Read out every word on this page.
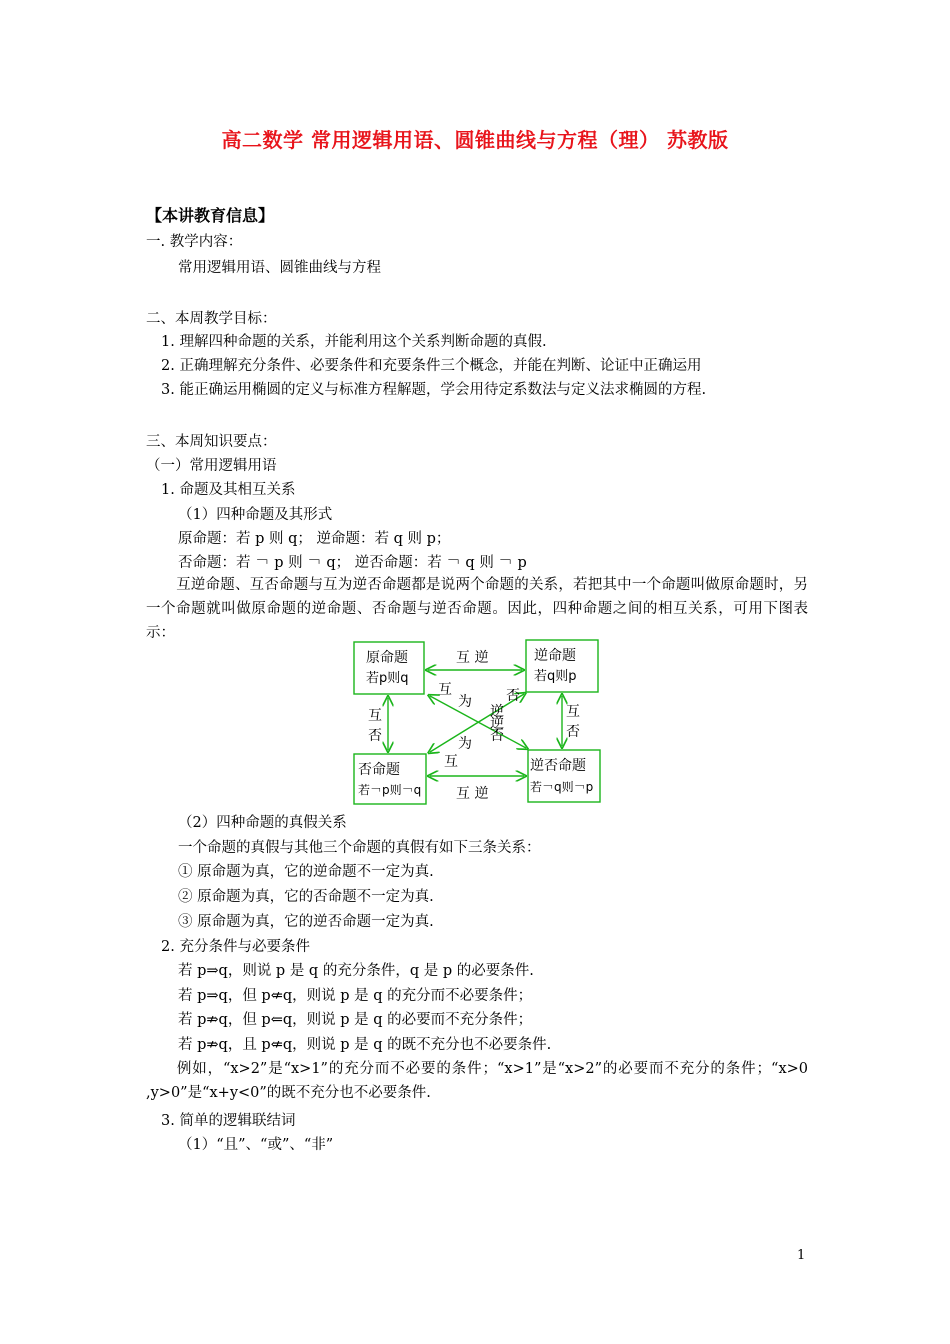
高二数学 常用逻辑用语、圆锥曲线与方程（理） 苏教版
【本讲教育信息】
一. 教学内容：
常用逻辑用语、圆锥曲线与方程
二、本周教学目标：
1. 理解四种命题的关系，并能利用这个关系判断命题的真假.
2. 正确理解充分条件、必要条件和充要条件三个概念，并能在判断、论证中正确运用
3. 能正确运用椭圆的定义与标准方程解题，学会用待定系数法与定义法求椭圆的方程.
三、本周知识要点：
（一）常用逻辑用语
1. 命题及其相互关系
（1）四种命题及其形式
原命题：若 p 则 q； 逆命题：若 q 则 p；
否命题：若 ￢ p 则 ￢ q； 逆否命题：若 ￢ q 则 ￢ p
互逆命题、互否命题与互为逆否命题都是说两个命题的关系，若把其中一个命题叫做原命题时，另一个命题就叫做原命题的逆命题、否命题与逆否命题。因此，四种命题之间的相互关系，可用下图表示：
原命题
若p则q
逆命题
若q则p
否命题
若￢p则￢q
逆否命题
若￢q则￢p
互 逆
互 逆
互
否
互
否
互
为
逆
否
否
逆
为
互
（2）四种命题的真假关系
一个命题的真假与其他三个命题的真假有如下三条关系：
① 原命题为真，它的逆命题不一定为真.
② 原命题为真，它的否命题不一定为真.
③ 原命题为真，它的逆否命题一定为真.
2. 充分条件与必要条件
若 p⇒q，则说 p 是 q 的充分条件，q 是 p 的必要条件.
若 p⇒q，但 p⇍q，则说 p 是 q 的充分而不必要条件；
若 p⇏q，但 p⇐q，则说 p 是 q 的必要而不充分条件；
若 p⇏q，且 p⇍q，则说 p 是 q 的既不充分也不必要条件.
例如，“x>2”是“x>1”的充分而不必要的条件；“x>1”是“x>2”的必要而不充分的条件；“x>0 ,y>0”是“x+y<0”的既不充分也不必要条件.
3. 简单的逻辑联结词
（1）“且”、“或”、“非”
1
